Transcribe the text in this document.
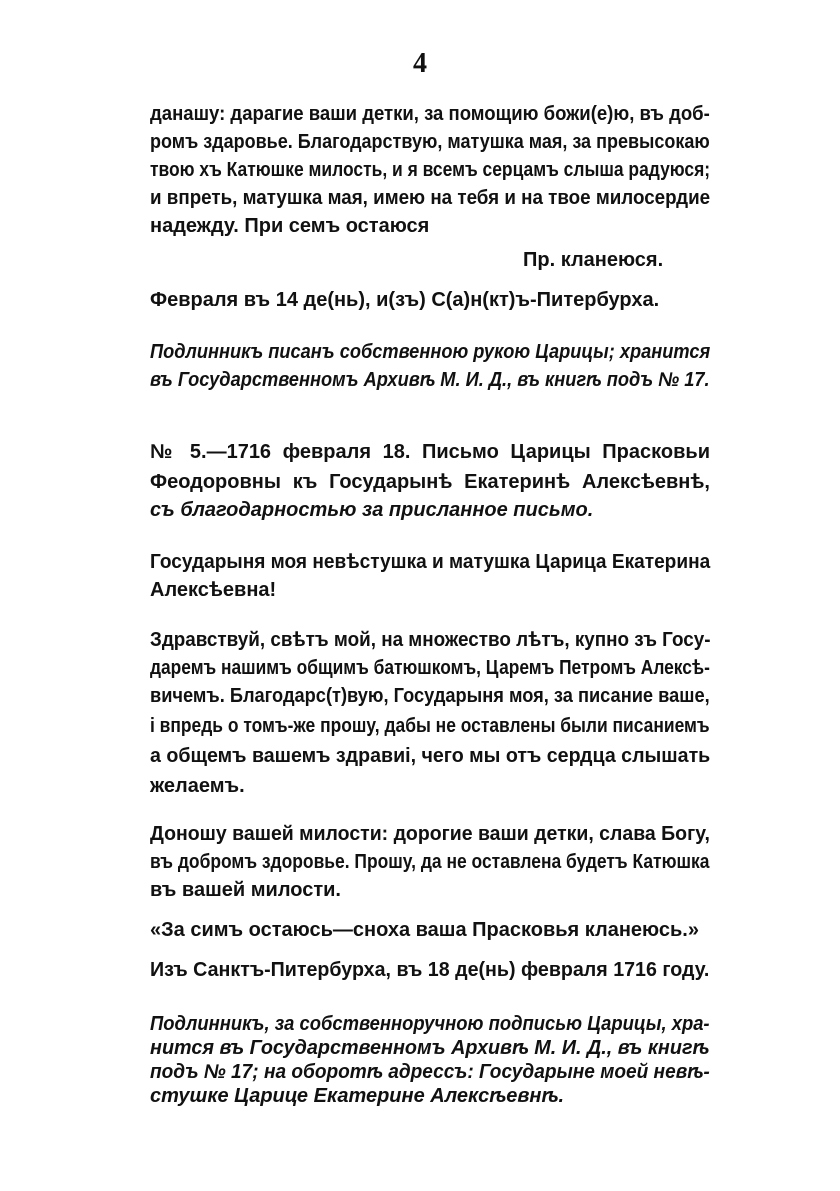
4
данашу: дарагие ваши детки, за помощию божи(е)ю, въ доб-
ромъ здаровье. Благодарствую, матушка мая, за превысокаю
твою хъ Катюшке милость, и я всемъ серцамъ слыша радуюся;
и впреть, матушка мая, имею на тебя и на твое милосердие
надежду. При семъ остаюся
Пр. кланеюся.
Февраля въ 14 де(нь), и(зъ) С(а)н(кт)ъ-Питербурха.
Подлинникъ писанъ собственною рукою Царицы; хранится
въ Государственномъ Архивѣ М. И. Д., въ книгѣ подъ № 17.
№ 5.—1716 февраля 18. Письмо Царицы Прасковьи
Феодоровны къ Государынѣ Екатеринѣ Алексѣевнѣ,
съ благодарностью за присланное письмо.
Государыня моя невѣстушка и матушка Царица Екатерина
Алексѣевна!
Здравствуй, свѣтъ мой, на множество лѣтъ, купно зъ Госу-
даремъ нашимъ общимъ батюшкомъ, Царемъ Петромъ Алексѣ-
вичемъ. Благодарс(т)вую, Государыня моя, за писание ваше,
і впредь о томъ-же прошу, дабы не оставлены были писаниемъ
а общемъ вашемъ здравиі, чего мы отъ сердца слышать
желаемъ.
Доношу вашей милости: дорогие ваши детки, слава Богу,
въ добромъ здоровье. Прошу, да не оставлена будетъ Катюшка
въ вашей милости.
«За симъ остаюсь—сноха ваша Прасковья кланеюсь.»
Изъ Санктъ-Питербурха, въ 18 де(нь) февраля 1716 году.
Подлинникъ, за собственноручною подписью Царицы, хра-
нится въ Государственномъ Архивѣ М. И. Д., въ книгѣ
подъ № 17; на оборотѣ адрессъ: Государыне моей невѣ-
стушке Царице Екатерине Алексѣевнѣ.
